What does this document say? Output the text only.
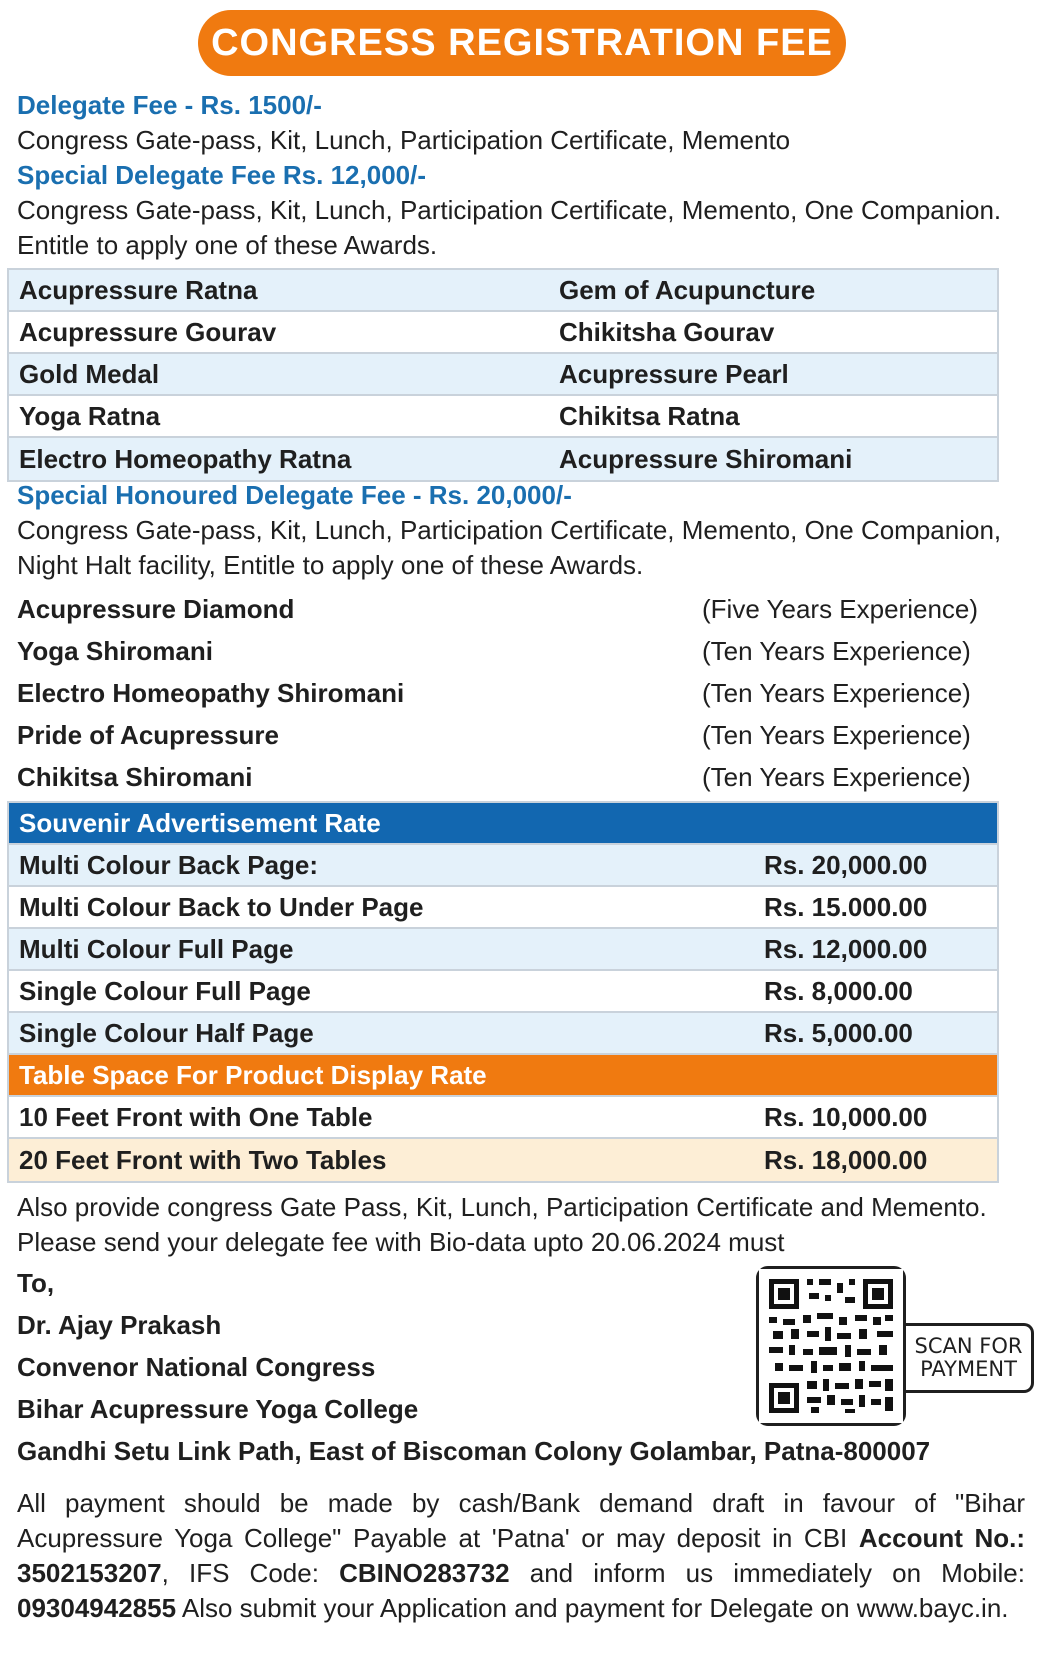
CONGRESS REGISTRATION FEE
Delegate Fee - Rs. 1500/-
Congress Gate-pass, Kit, Lunch, Participation Certificate, Memento
Special Delegate Fee Rs. 12,000/-
Congress Gate-pass, Kit, Lunch, Participation Certificate, Memento, One Companion. Entitle to apply one of these Awards.
Acupressure Ratna	Gem of Acupuncture
Acupressure Gourav	Chikitsha Gourav
Gold Medal	Acupressure Pearl
Yoga Ratna	Chikitsa Ratna
Electro Homeopathy Ratna	Acupressure Shiromani
Special Honoured Delegate Fee - Rs. 20,000/-
Congress Gate-pass, Kit, Lunch, Participation Certificate, Memento, One Companion, Night Halt facility, Entitle to apply one of these Awards.
Acupressure Diamond	(Five Years Experience)
Yoga Shiromani	(Ten Years Experience)
Electro Homeopathy Shiromani	(Ten Years Experience)
Pride of Acupressure	(Ten Years Experience)
Chikitsa Shiromani	(Ten Years Experience)
Souvenir Advertisement Rate
Multi Colour Back Page:	Rs. 20,000.00
Multi Colour Back to Under Page	Rs. 15.000.00
Multi Colour Full Page	Rs. 12,000.00
Single Colour Full Page	Rs. 8,000.00
Single Colour Half Page	Rs. 5,000.00
Table Space For Product Display Rate
10 Feet Front with One Table	Rs. 10,000.00
20 Feet Front with Two Tables	Rs. 18,000.00
Also provide congress Gate Pass, Kit, Lunch, Participation Certificate and Memento.
Please send your delegate fee with Bio-data upto 20.06.2024 must
To,
Dr. Ajay Prakash
Convenor National Congress
Bihar Acupressure Yoga College
Gandhi Setu Link Path, East of Biscoman Colony Golambar, Patna-800007
SCAN FOR
PAYMENT
All payment should be made by cash/Bank demand draft in favour of "Bihar Acupressure Yoga College" Payable at 'Patna' or may deposit in CBI Account No.: 3502153207, IFS Code: CBINO283732 and inform us immediately on Mobile: 09304942855 Also submit your Application and payment for Delegate on www.bayc.in.
